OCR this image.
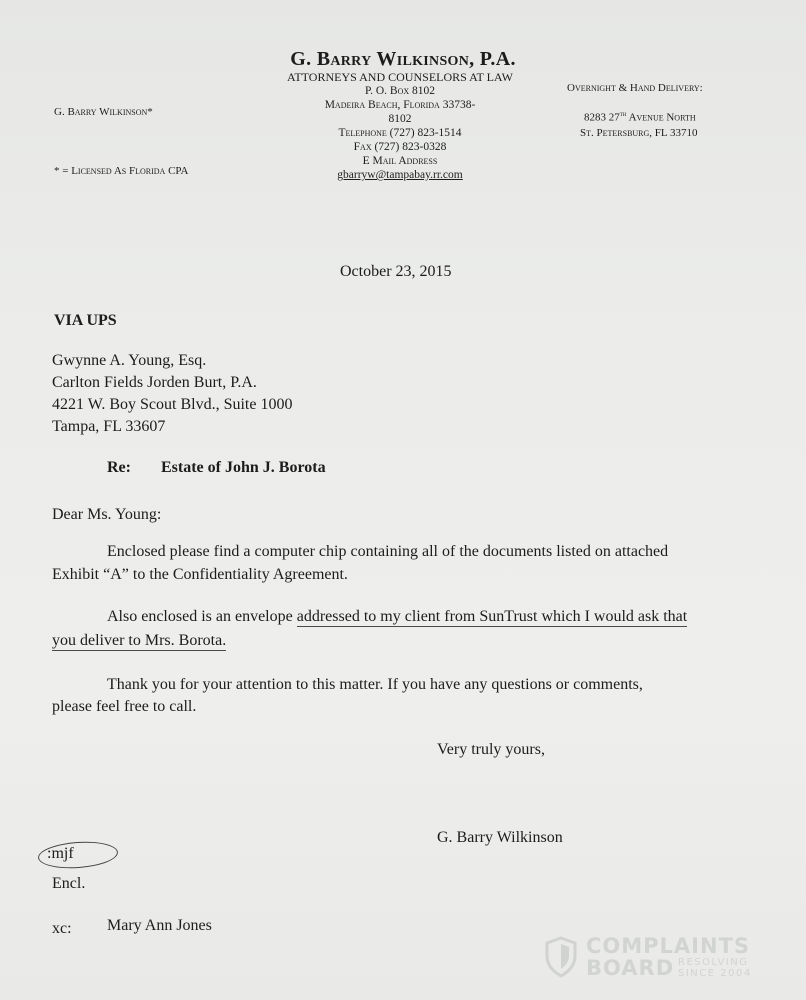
G. Barry Wilkinson, P.A.
ATTORNEYS AND COUNSELORS AT LAW
P. O. Box 8102
Madeira Beach, Florida 33738-
8102
Telephone (727) 823-1514
Fax (727) 823-0328
E Mail Address
gbarryw@tampabay.rr.com
G. Barry Wilkinson*
* = Licensed As Florida CPA
Overnight & Hand Delivery:
8283 27th Avenue North
St. Petersburg, FL 33710
October 23, 2015
VIA UPS
Gwynne A. Young, Esq.
Carlton Fields Jorden Burt, P.A.
4221 W. Boy Scout Blvd., Suite 1000
Tampa, FL 33607
Re: Estate of John J. Borota
Dear Ms. Young:
Enclosed please find a computer chip containing all of the documents listed on attached
Exhibit “A” to the Confidentiality Agreement.
Also enclosed is an envelope addressed to my client from SunTrust which I would ask that
you deliver to Mrs. Borota.
Thank you for your attention to this matter. If you have any questions or comments,
please feel free to call.
Very truly yours,
G. Barry Wilkinson
:mjf
Encl.
xc: Mary Ann Jones
COMPLAINTS
BOARD RESOLVING
SINCE 2004
